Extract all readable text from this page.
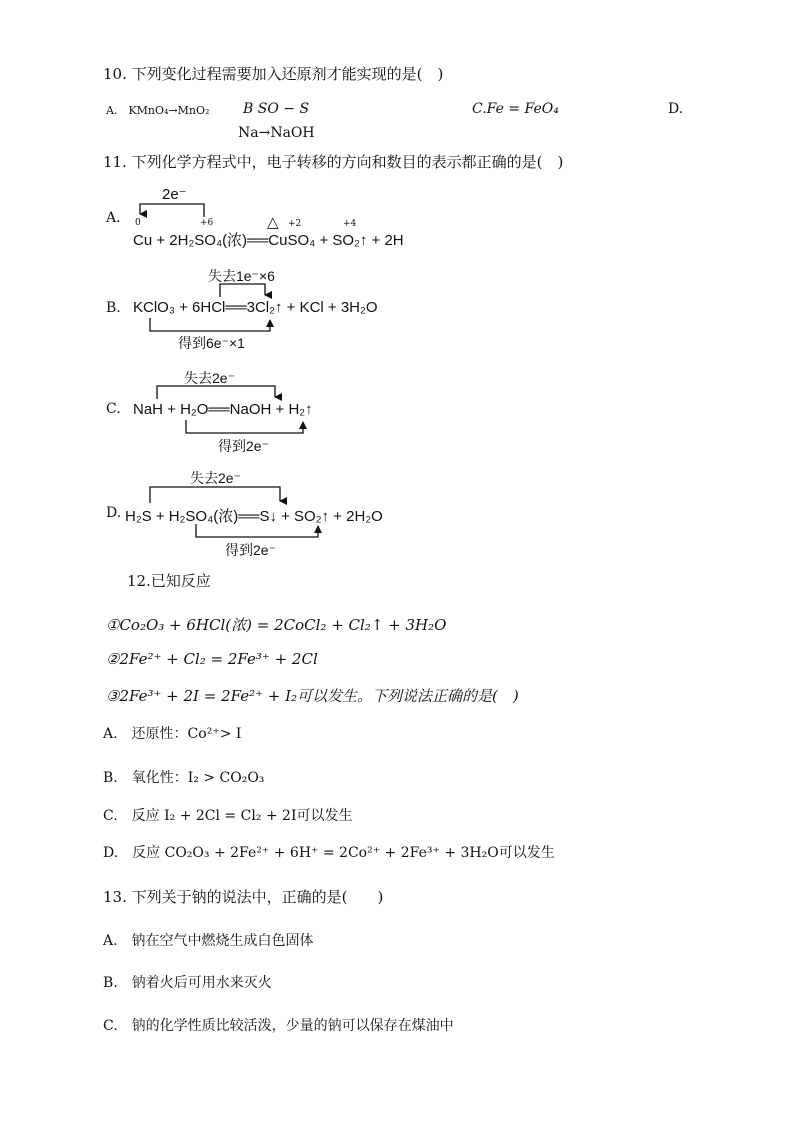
10. 下列变化过程需要加入还原剂才能实现的是(　)
A.　KMnO₄→MnO₂ B SO − S
Na→NaOH
C.Fe = FeO₄	D.
11. 下列化学方程式中，电子转移的方向和数目的表示都正确的是(　)
A.
2e⁻
0	+6	+2	+4
△
Cu + 2H₂SO₄(浓)══CuSO₄ + SO₂↑ + 2H
B.
失去1e⁻×6
KClO₃ + 6HCl══3Cl₂↑ + KCl + 3H₂O
得到6e⁻×1
C.
失去2e⁻
NaH + H₂O══NaOH + H₂↑
得到2e⁻
D.
失去2e⁻
H₂S + H₂SO₄(浓)══S↓ + SO₂↑ + 2H₂O
得到2e⁻
12.已知反应
①Co₂O₃ + 6HCl(浓) = 2CoCl₂ + Cl₂↑ + 3H₂O
②2Fe²⁺ + Cl₂ = 2Fe³⁺ + 2Cl
③2Fe³⁺ + 2I = 2Fe²⁺ + I₂可以发生。下列说法正确的是(　)
A.　还原性：Co²⁺> I
B.　氧化性：I₂ > CO₂O₃
C.　反应 I₂ + 2Cl = Cl₂ + 2I可以发生
D.　反应 CO₂O₃ + 2Fe²⁺ + 6H⁺ = 2Co²⁺ + 2Fe³⁺ + 3H₂O可以发生
13. 下列关于钠的说法中，正确的是(　　)
A.　钠在空气中燃烧生成白色固体
B.　钠着火后可用水来灭火
C.　钠的化学性质比较活泼，少量的钠可以保存在煤油中
